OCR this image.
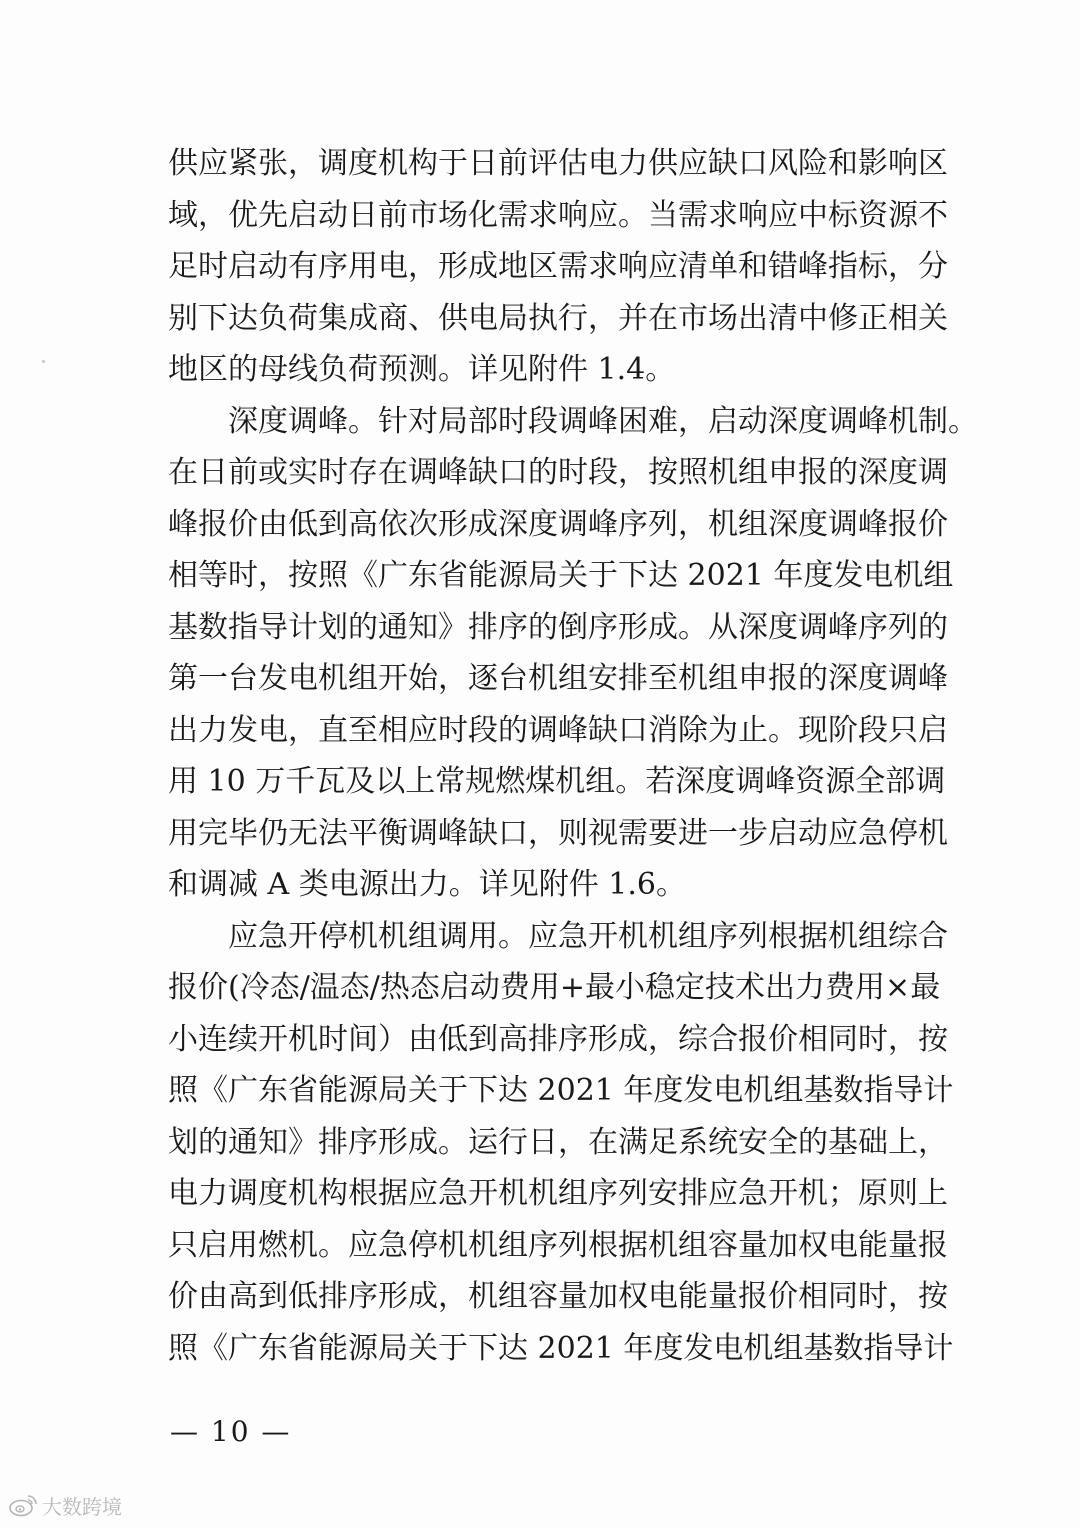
供应紧张，调度机构于日前评估电力供应缺口风险和影响区
域，优先启动日前市场化需求响应。当需求响应中标资源不
足时启动有序用电，形成地区需求响应清单和错峰指标，分
别下达负荷集成商、供电局执行，并在市场出清中修正相关
地区的母线负荷预测。详见附件 1.4。
深度调峰。针对局部时段调峰困难，启动深度调峰机制。
在日前或实时存在调峰缺口的时段，按照机组申报的深度调
峰报价由低到高依次形成深度调峰序列，机组深度调峰报价
相等时，按照《广东省能源局关于下达 2021 年度发电机组
基数指导计划的通知》排序的倒序形成。从深度调峰序列的
第一台发电机组开始，逐台机组安排至机组申报的深度调峰
出力发电，直至相应时段的调峰缺口消除为止。现阶段只启
用 10 万千瓦及以上常规燃煤机组。若深度调峰资源全部调
用完毕仍无法平衡调峰缺口，则视需要进一步启动应急停机
和调减 A 类电源出力。详见附件 1.6。
应急开停机机组调用。应急开机机组序列根据机组综合
报价(冷态/温态/热态启动费用+最小稳定技术出力费用×最
小连续开机时间）由低到高排序形成，综合报价相同时，按
照《广东省能源局关于下达 2021 年度发电机组基数指导计
划的通知》排序形成。运行日，在满足系统安全的基础上，
电力调度机构根据应急开机机组序列安排应急开机；原则上
只启用燃机。应急停机机组序列根据机组容量加权电能量报
价由高到低排序形成，机组容量加权电能量报价相同时，按
照《广东省能源局关于下达 2021 年度发电机组基数指导计
— 10 —
大数跨境
